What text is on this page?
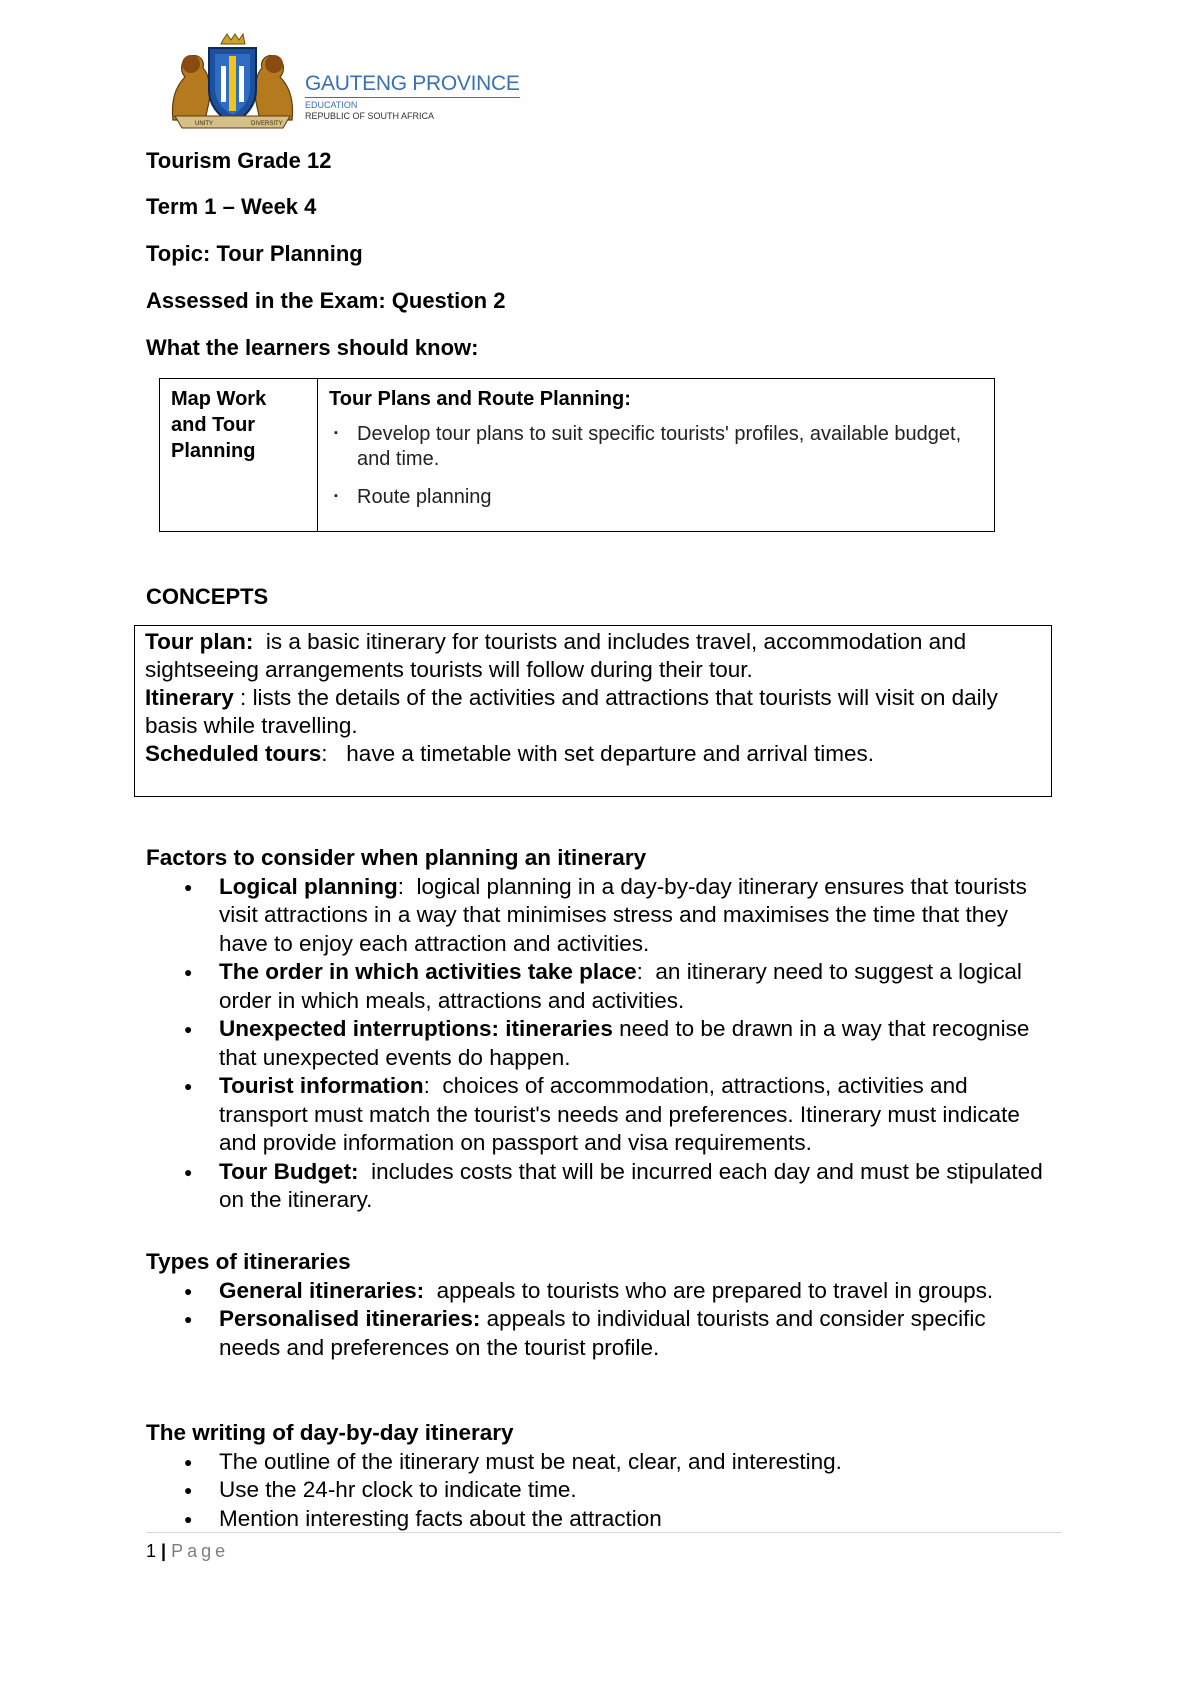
UNITY	DIVERSITY
GAUTENG PROVINCE
EDUCATION
REPUBLIC OF SOUTH AFRICA
Tourism Grade 12
Term 1 – Week 4
Topic: Tour Planning
Assessed in the Exam: Question 2
What the learners should know:
Map Work and Tour Planning
Tour Plans and Route Planning:
▪ Develop tour plans to suit specific tourists' profiles, available budget, and time.
▪ Route planning
CONCEPTS

Tour plan: is a basic itinerary for tourists and includes travel, accommodation and sightseeing arrangements tourists will follow during their tour.

Itinerary : lists the details of the activities and attractions that tourists will visit on daily basis while travelling.

Scheduled tours:   have a timetable with set departure and arrival times.

Factors to consider when planning an itinerary
● Logical planning:  logical planning in a day-by-day itinerary ensures that tourists visit attractions in a way that minimises stress and maximises the time that they have to enjoy each attraction and activities.
● The order in which activities take place:  an itinerary need to suggest a logical order in which meals, attractions and activities.
● Unexpected interruptions: itineraries need to be drawn in a way that recognise that unexpected events do happen.
● Tourist information:  choices of accommodation, attractions, activities and transport must match the tourist's needs and preferences. Itinerary must indicate and provide information on passport and visa requirements.
● Tour Budget: includes costs that will be incurred each day and must be stipulated on the itinerary.
Types of itineraries
● General itineraries: appeals to tourists who are prepared to travel in groups.
● Personalised itineraries: appeals to individual tourists and consider specific needs and preferences on the tourist profile.
The writing of day-by-day itinerary
● The outline of the itinerary must be neat, clear, and interesting.
● Use the 24-hr clock to indicate time.
● Mention interesting facts about the attraction
1 | Page
